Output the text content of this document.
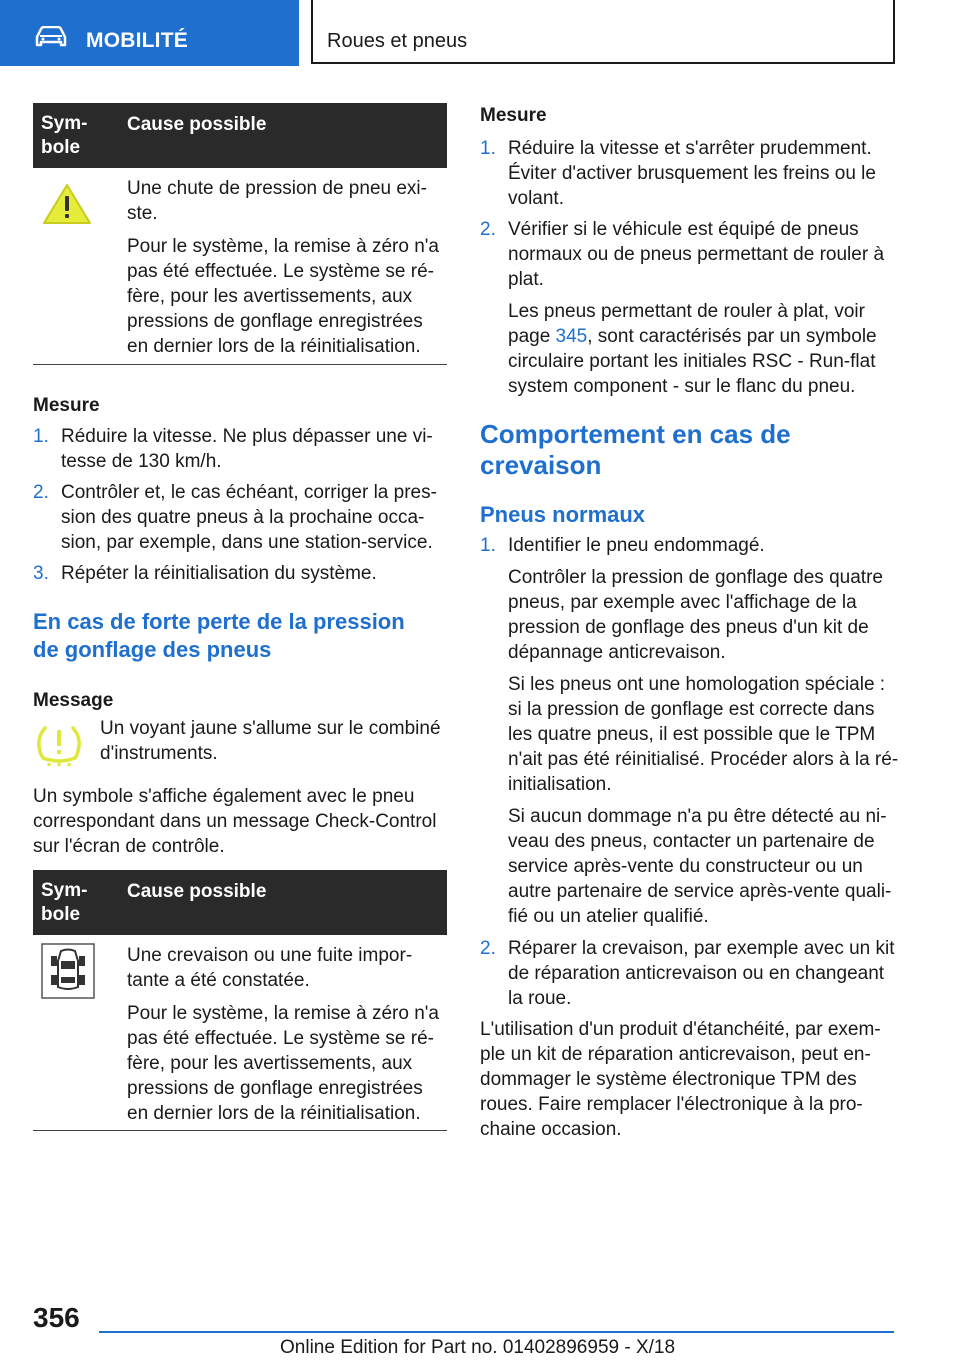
MOBILITÉ	Roues et pneus
Sym-
bole
Cause possible

Une chute de pression de pneu exi-
ste.

Pour le système, la remise à zéro n'a
pas été effectuée. Le système se ré-
fère, pour les avertissements, aux
pressions de gonflage enregistrées
en dernier lors de la réinitialisation.

Mesure
1. Réduire la vitesse. Ne plus dépasser une vi-
tesse de 130 km/h.
2. Contrôler et, le cas échéant, corriger la pres-
sion des quatre pneus à la prochaine occa-
sion, par exemple, dans une station-service.
3. Répéter la réinitialisation du système.
En cas de forte perte de la pression
de gonflage des pneus
Message
Un voyant jaune s'allume sur le combiné
d'instruments.
Un symbole s'affiche également avec le pneu
correspondant dans un message Check-Control
sur l'écran de contrôle.
Sym-
bole
Cause possible

Une crevaison ou une fuite impor-
tante a été constatée.

Pour le système, la remise à zéro n'a
pas été effectuée. Le système se ré-
fère, pour les avertissements, aux
pressions de gonflage enregistrées
en dernier lors de la réinitialisation.

Mesure
1. Réduire la vitesse et s'arrêter prudemment.
Éviter d'activer brusquement les freins ou le
volant.
2. Vérifier si le véhicule est équipé de pneus
normaux ou de pneus permettant de rouler à
plat.

Les pneus permettant de rouler à plat, voir
page 345, sont caractérisés par un symbole
circulaire portant les initiales RSC - Run-flat
system component - sur le flanc du pneu.

Comportement en cas de
crevaison
Pneus normaux
1. Identifier le pneu endommagé.

Contrôler la pression de gonflage des quatre
pneus, par exemple avec l'affichage de la
pression de gonflage des pneus d'un kit de
dépannage anticrevaison.

Si les pneus ont une homologation spéciale :
si la pression de gonflage est correcte dans
les quatre pneus, il est possible que le TPM
n'ait pas été réinitialisé. Procéder alors à la ré-
initialisation.

Si aucun dommage n'a pu être détecté au ni-
veau des pneus, contacter un partenaire de
service après-vente du constructeur ou un
autre partenaire de service après-vente quali-
fié ou un atelier qualifié.

2. Réparer la crevaison, par exemple avec un kit
de réparation anticrevaison ou en changeant
la roue.
L'utilisation d'un produit d'étanchéité, par exem-
ple un kit de réparation anticrevaison, peut en-
dommager le système électronique TPM des
roues. Faire remplacer l'électronique à la pro-
chaine occasion.
356
Online Edition for Part no. 01402896959 - X/18
